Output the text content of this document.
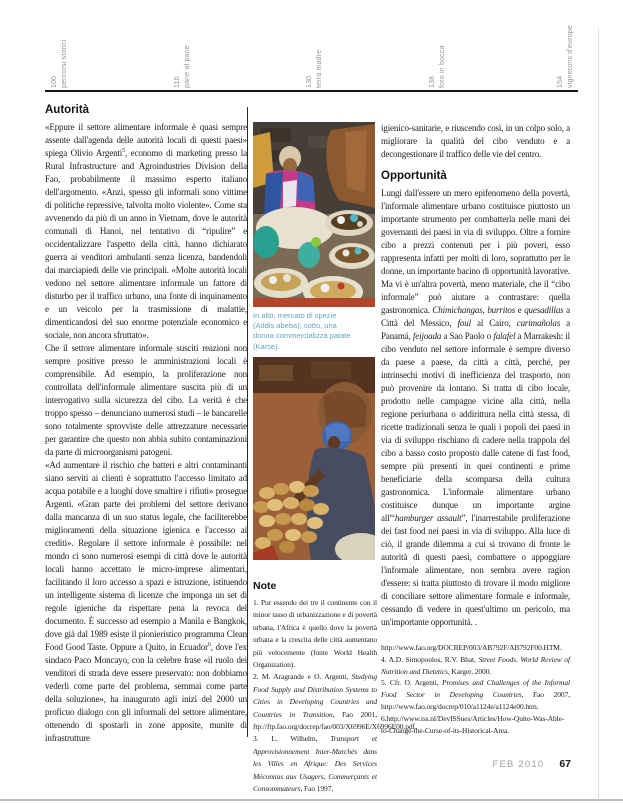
100 percorsi storici	110 pane al pane	130 terra madre	138 foro in bocca	154 vignerons d'europe
Autorità

«Eppure il settore alimentare informale è quasi sempre assente dall'agenda delle autorità locali di questi paesi» spiega Olivio Argenti$^5$, economo di marketing presso la Rural Infrastructure and Agroindustries Division della Fao, probabilmente il massimo esperto italiano dell'argomento. «Anzi, spesso gli informali sono vittime di politiche repressive, talvolta molto violente». Come sta avvenendo da più di un anno in Vietnam, dove le autorità comunali di Hanoi, nel tentativo di “ripulire” e occidentalizzare l'aspetto della città, hanno dichiarato guerra ai venditori ambulanti senza licenza, bandendoli dai marciapiedi delle vie principali. «Molte autorità locali vedono nel settore alimentare informale un fattore di disturbo per il traffico urbano, una fonte di inquinamento e un veicolo per la trasmissione di malattie, dimenticandosi del suo enorme potenziale economico e sociale, non ancora sfruttato».

Che il settore alimentare informale susciti reazioni non sempre positive presso le amministrazioni locali è comprensibile. Ad esempio, la proliferazione non controllata dell'informale alimentare suscita più di un interrogativo sulla sicurezza del cibo. La verità è che troppo spesso – denunciano numerosi studi – le bancarelle sono totalmente sprovviste delle attrezzature necessarie per garantire che questo non abbia subito contaminazioni da parte di microorganismi patogeni.

«Ad aumentare il rischio che batteri e altri contaminanti siano serviti ai clienti è soprattutto l'accesso limitato ad acqua potabile e a luoghi dove smaltire i rifiuti» prosegue Argenti. «Gran parte dei problemi del settore derivano dalla mancanza di un suo status legale, che faciliterebbe miglioramenti della situazione igienica e l'accesso ai crediti». Regolare il settore informale è possibile: nel mondo ci sono numerosi esempi di città dove le autorità locali hanno accettato le micro-imprese alimentari, facilitando il loro accesso a spazi e istruzione, istituendo un intelligente sistema di licenze che imponga un set di regole igieniche da rispettare pena la revoca del documento. È successo ad esempio a Manila e Bangkok, dove già dal 1989 esiste il pionieristico programma Clean Food Good Taste. Oppure a Quito, in Ecuador$^6$, dove l'ex sindaco Paco Moncayo, con la celebre frase «il ruolo dei venditori di strada deve essere preservato: non dobbiamo vederli come parte del problema, semmai come parte della soluzione», ha inaugurato agli inizi del 2000 un proficuo dialogo con gli informali del settore alimentare, ottenendo di spostarli in zone apposite, munite di infrastrutture

In alto, mercato di spezie (Addis abeba); sotto, una donna commercializza patate (Karse).
Note

1. Pur essendo dei tre il continente con il minor tasso di urbanizzazione e di povertà urbana, l'Africa è quello dove la povertà urbana e la crescita delle città aumentano più velocemente (fonte World Health Organization).

2. M. Aragrande e O. Argenti, Studying Food Supply and Distribution Systems to Cities in Developing Countries and Countries in Transition, Fao 2001, ftp://ftp.fao.org/docrep/fao/003/X6996E/X6996E00.pdf.

3. L. Wilhelm, Transport et Approvisionnement Inter-Marchés dans les Villes en Afrique: Des Services Méconnus aux Usagers, Commerçants et Consommateurs, Fao 1997,

igienico-sanitarie, e riuscendo così, in un colpo solo, a migliorare la qualità del cibo venduto e a decongestionare il traffico delle vie del centro.

Opportunità

Lungi dall'essere un mero epifenomeno della povertà, l'informale alimentare urbano costituisce piuttosto un importante strumento per combatterla nelle mani dei governanti dei paesi in via di sviluppo. Oltre a fornire cibo a prezzi contenuti per i più poveri, esso rappresenta infatti per molti di loro, soprattutto per le donne, un importante bacino di opportunità lavorative. Ma vi è un'altra povertà, meno materiale, che il “cibo informale” può aiutare a contrastare: quella gastronomica. Chimichangas, burritos e quesadillas a Città del Messico, foul al Cairo, carimañolas a Panamá, feijoada a Sao Paolo o falafel a Marrakesh: il cibo venduto nel settore informale è sempre diverso da paese a paese, da città a città, perché, per intrinsechi motivi di inefficienza del trasporto, non può provenire da lontano. Si tratta di cibo locale, prodotto nelle campagne vicine alla città, nella regione periurbana o addirittura nella città stessa, di ricette tradizionali senza le quali i popoli dei paesi in via di sviluppo rischiano di cadere nella trappola del cibo a basso costo proposto dalle catene di fast food, sempre più presenti in quei continenti e prime beneficiarie della scomparsa della cultura gastronomica. L'informale alimentare urbano costituisce dunque un importante argine all'“hamburger assault”, l'inarrestabile proliferazione dei fast food nei paesi in via di sviluppo. Alla luce di ciò, il grande dilemma a cui si trovano di fronte le autorità di questi paesi, combattere o appoggiare l'informale alimentare, non sembra avere ragion d'essere: si tratta piuttosto di trovare il modo migliore di conciliare settore alimentare formale e informale, cessando di vedere in quest'ultimo un pericolo, ma un'importante opportunità. .

http://www.fao.org/DOCREP/003/AB792F/AB792F00.HTM.

4. A.D. Simopoulos, R.V. Bhat, Street Foods. World Review of Nutrition and Dietetics, Karger, 2000.

5. Cfr. O. Argenti, Promises and Challenges of the Informal Food Sector in Developing Countries, Fao 2007, http://www.fao.org/docrep/010/a1124e/a1124e00.htm.

6.http://www.iss.nl/DevISSues/Articles/How-Quito-Was-Able-to-Change-the-Curse-of-its-Historical-Area.

FEB 2010 67
